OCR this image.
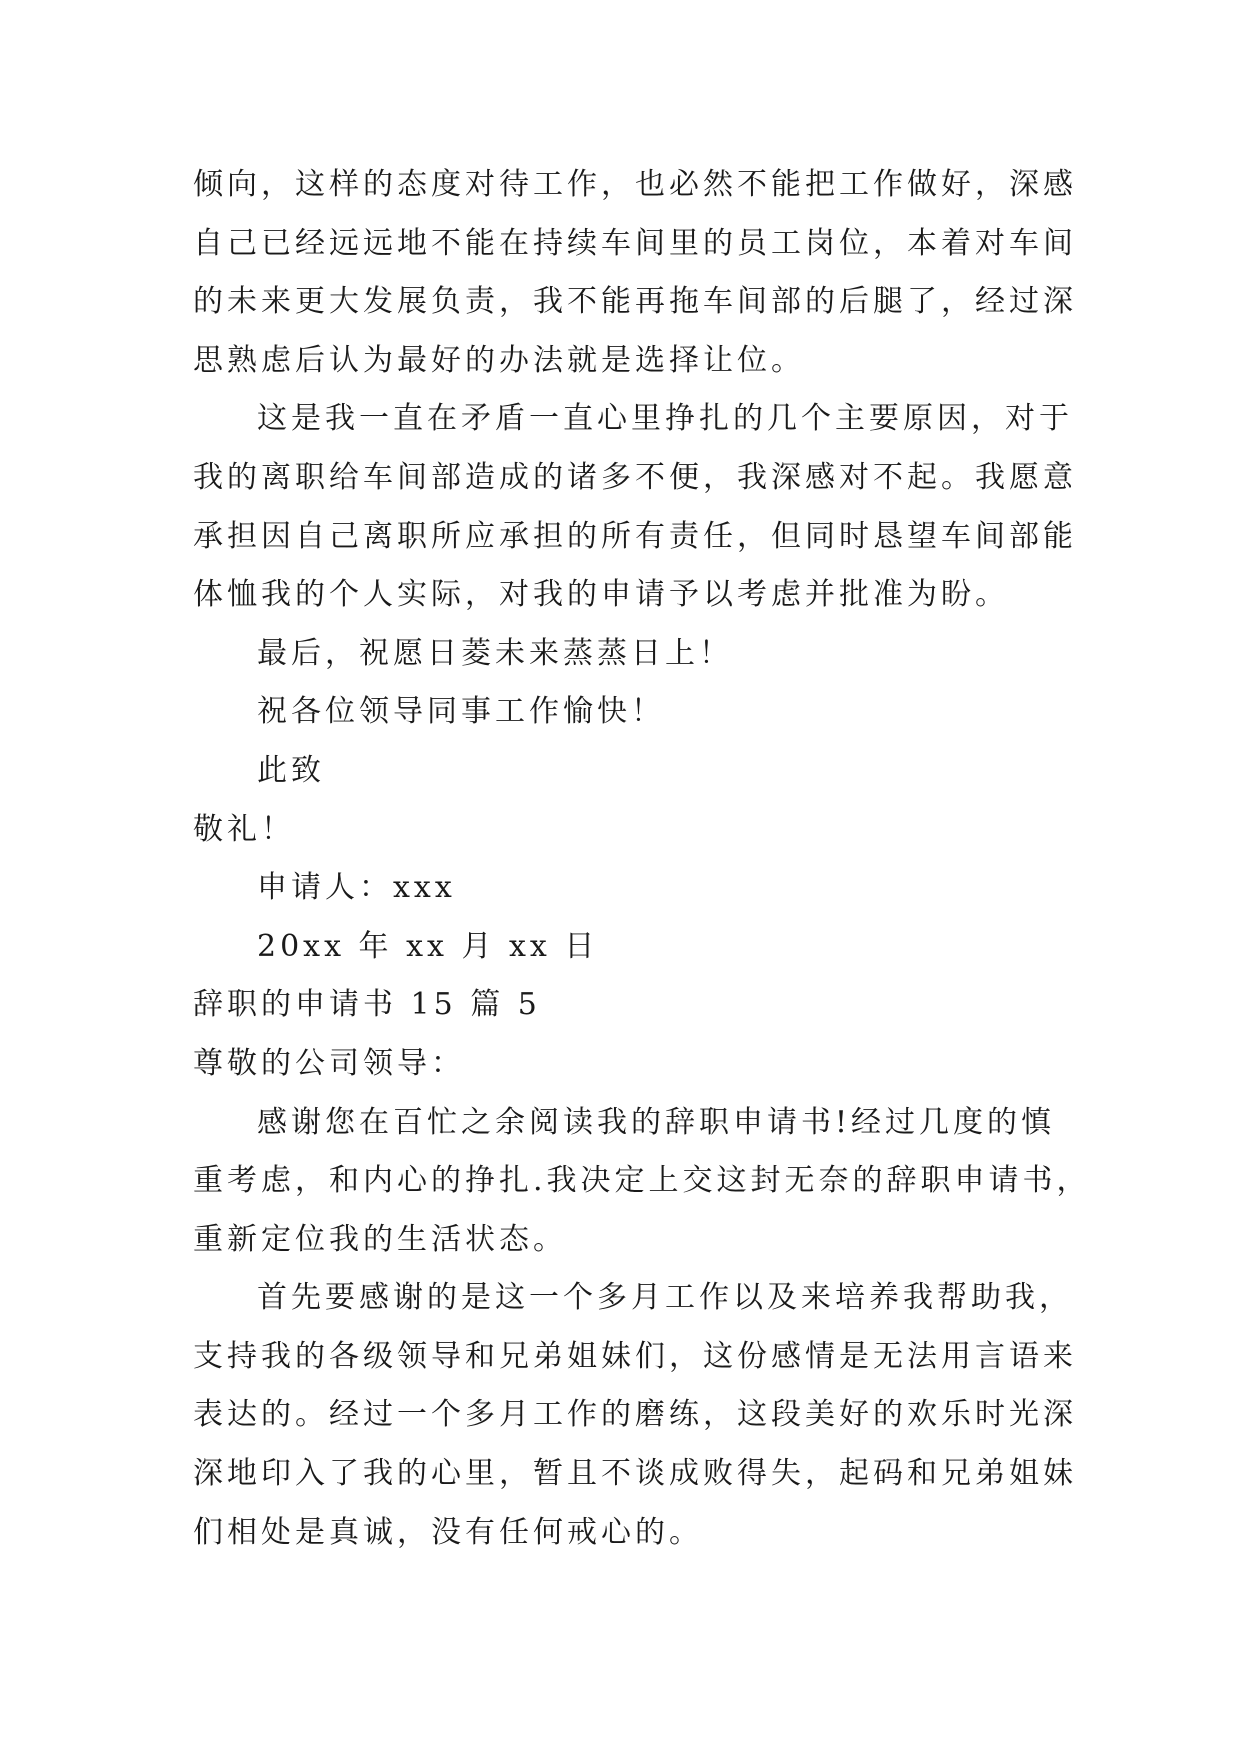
倾向，这样的态度对待工作，也必然不能把工作做好，深感
自己已经远远地不能在持续车间里的员工岗位，本着对车间
的未来更大发展负责，我不能再拖车间部的后腿了，经过深
思熟虑后认为最好的办法就是选择让位。
这是我一直在矛盾一直心里挣扎的几个主要原因，对于
我的离职给车间部造成的诸多不便，我深感对不起。我愿意
承担因自己离职所应承担的所有责任，但同时恳望车间部能
体恤我的个人实际，对我的申请予以考虑并批准为盼。
最后，祝愿日菱未来蒸蒸日上！
祝各位领导同事工作愉快！
此致
敬礼！
申请人：xxx
20xx 年 xx 月 xx 日
辞职的申请书 15 篇 5
尊敬的公司领导：
感谢您在百忙之余阅读我的辞职申请书!经过几度的慎
重考虑，和内心的挣扎.我决定上交这封无奈的辞职申请书，
重新定位我的生活状态。
首先要感谢的是这一个多月工作以及来培养我帮助我，
支持我的各级领导和兄弟姐妹们，这份感情是无法用言语来
表达的。经过一个多月工作的磨练，这段美好的欢乐时光深
深地印入了我的心里，暂且不谈成败得失，起码和兄弟姐妹
们相处是真诚，没有任何戒心的。
